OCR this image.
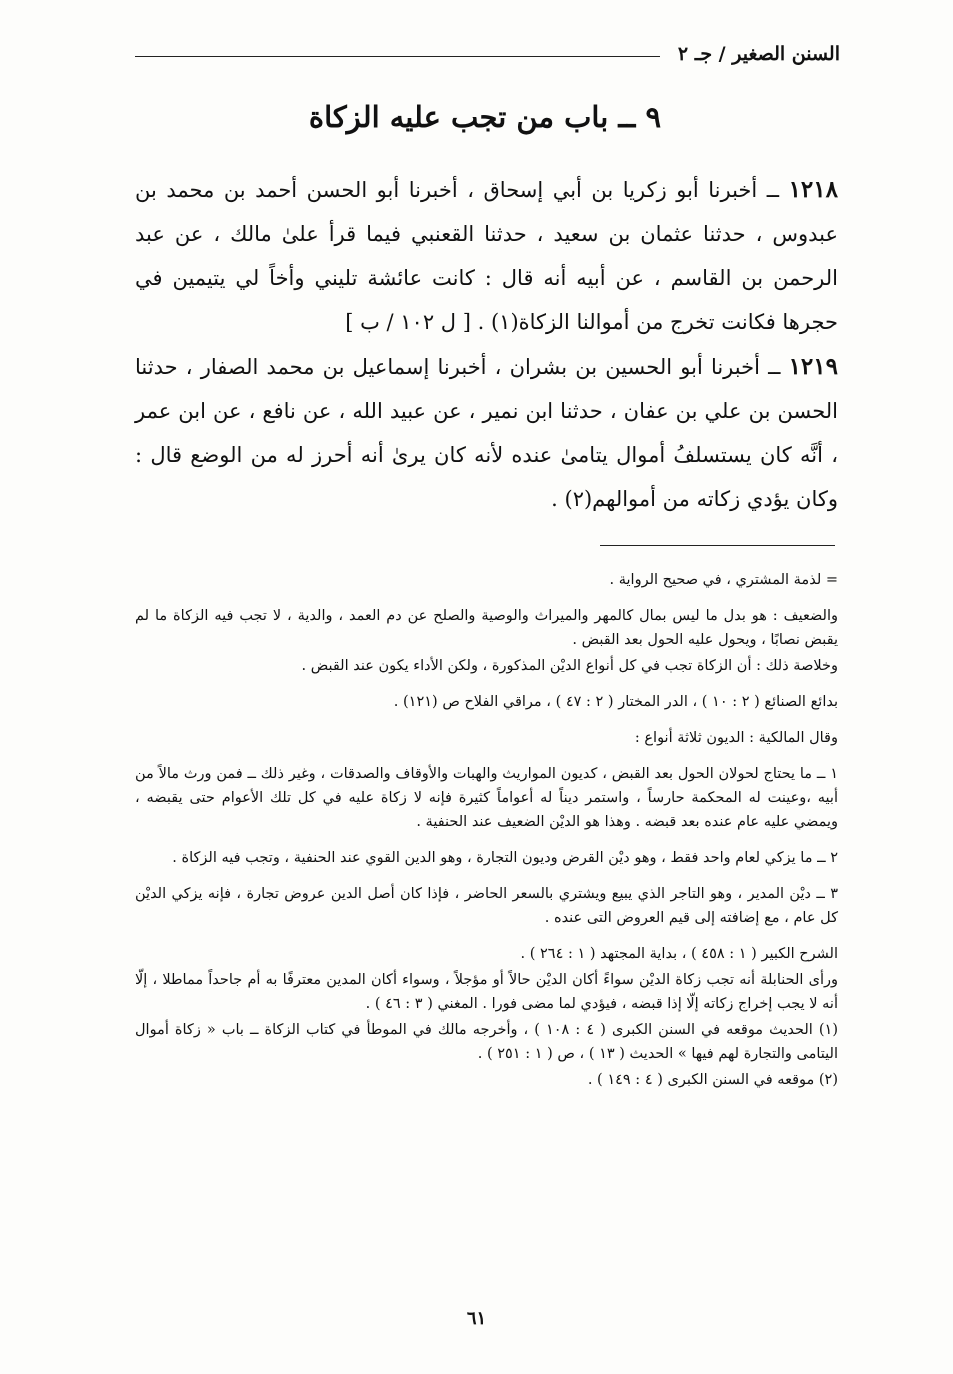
السنن الصغير / جـ ٢
٩ ــ باب من تجب عليه الزكاة
١٢١٨ ــ أخبرنا أبو زكريا بن أبي إسحاق ، أخبرنا أبو الحسن أحمد بن محمد بن عبدوس ، حدثنا عثمان بن سعيد ، حدثنا القعنبي فيما قرأ علىٰ مالك ، عن عبد الرحمن بن القاسم ، عن أبيه أنه قال : كانت عائشة تليني وأخاً لي يتيمين في حجرها فكانت تخرج من أموالنا الزكاة(١) . [ ل ١٠٢ / ب ]
١٢١٩ ــ أخبرنا أبو الحسين بن بشران ، أخبرنا إسماعيل بن محمد الصفار ، حدثنا الحسن بن علي بن عفان ، حدثنا ابن نمير ، عن عبيد الله ، عن نافع ، عن ابن عمر ، أنَّه كان يستسلفُ أموال يتامىٰ عنده لأنه كان يرىٰ أنه أحرز له من الوضع قال : وكان يؤدي زكاته من أموالهم(٢) .

= لذمة المشتري ، في صحيح الرواية .

والضعيف : هو بدل ما ليس بمال كالمهر والميراث والوصية والصلح عن دم العمد ، والدية ، لا تجب فيه الزكاة ما لم يقبض نصابًا ، ويحول عليه الحول بعد القبض .

وخلاصة ذلك : أن الزكاة تجب في كل أنواع الديْن المذكورة ، ولكن الأداء يكون عند القبض .

بدائع الصنائع ( ٢ : ١٠ ) ، الدر المختار ( ٢ : ٤٧ ) ، مراقي الفلاح ص (١٢١) .

وقال المالكية : الديون ثلاثة أنواع :

١ ــ ما يحتاج لحولان الحول بعد القبض ، كديون المواريث والهبات والأوقاف والصدقات ، وغير ذلك ــ فمن ورث مالاً من أبيه ،وعينت له المحكمة حارساً ، واستمر ديناً له أعواماً كثيرة فإنه لا زكاة عليه في كل تلك الأعوام حتى يقبضه ، ويمضي عليه عام عنده بعد قبضه . وهذا هو الديْن الضعيف عند الحنفية .

٢ ــ ما يزكي لعام واحد فقط ، وهو ديْن القرض وديون التجارة ، وهو الدين القوي عند الحنفية ، وتجب فيه الزكاة .

٣ ــ ديْن المدير ، وهو التاجر الذي يبيع ويشتري بالسعر الحاضر ، فإذا كان أصل الدين عروض تجارة ، فإنه يزكي الديْن كل عام ، مع إضافته إلى قيم العروض التى عنده .

الشرح الكبير ( ١ : ٤٥٨ ) ، بداية المجتهد ( ١ : ٢٦٤ ) .

ورأى الحنابلة أنه تجب زكاة الديْن سواءً أكان الديْن حالاً أو مؤجلاً ، وسواء أكان المدين معترفًا به أم جاحداً مماطلا ، إلّا أنه لا يجب إخراج زكاته إلّا إذا قبضه ، فيؤدي لما مضى فورا . المغني ( ٣ : ٤٦ ) .

(١) الحديث موقعه في السنن الكبرى ( ٤ : ١٠٨ ) ، وأخرجه مالك في الموطأ في كتاب الزكاة ــ باب « زكاة أموال اليتامى والتجارة لهم فيها » الحديث ( ١٣ ) ، ص ( ١ : ٢٥١ ) .

(٢) موقعه في السنن الكبرى ( ٤ : ١٤٩ ) .

٦١
